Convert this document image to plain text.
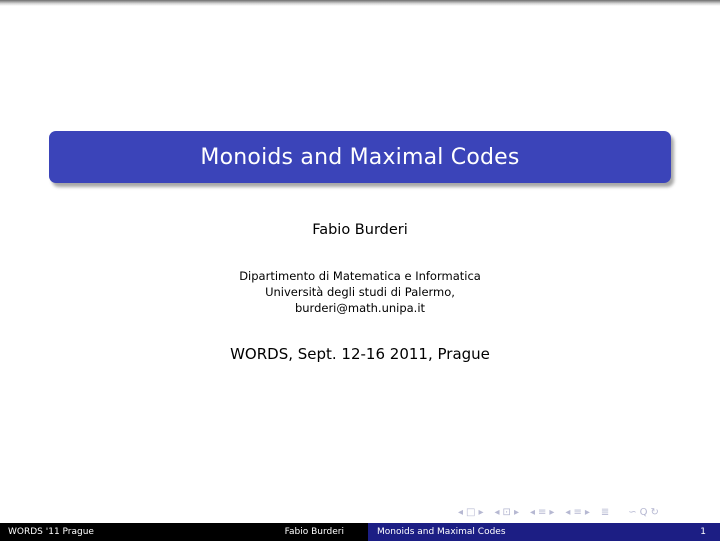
Monoids and Maximal Codes
Fabio Burderi
Dipartimento di Matematica e Informatica
Università degli studi di Palermo,
burderi@math.unipa.it
WORDS, Sept. 12-16 2011, Prague
◂ □ ▸ ◂ ⊡ ▸ ◂ ≡ ▸ ◂ ≡ ▸ ≣ ∽ Q ↻
WORDS '11 Prague	Fabio Burderi	Monoids and Maximal Codes	1
